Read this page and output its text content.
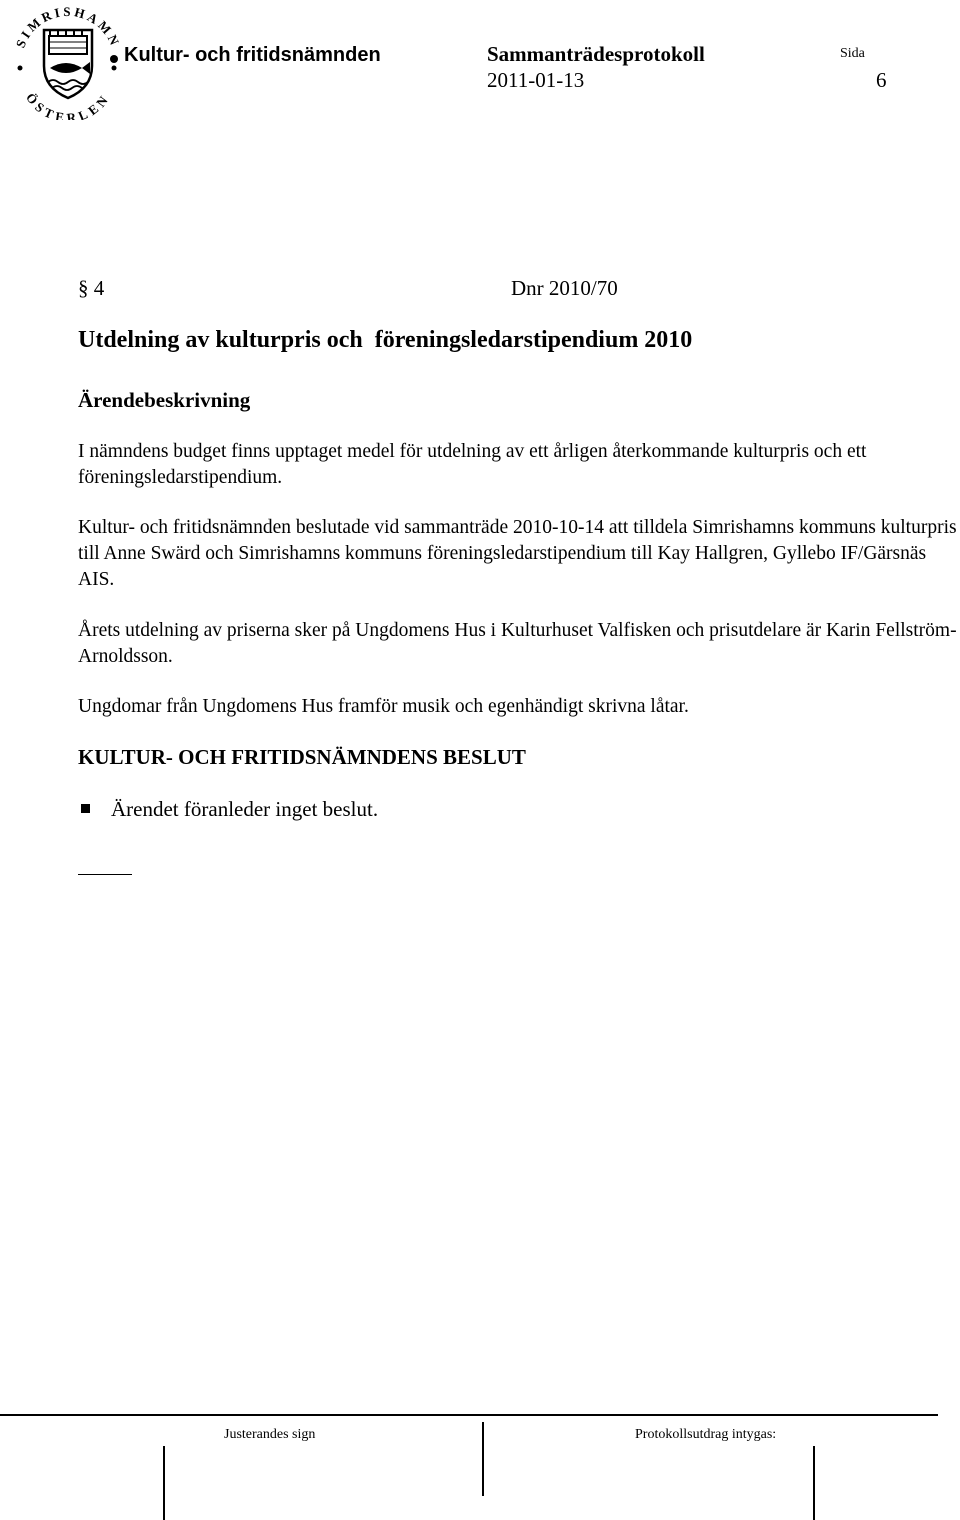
SIMRISHAMN
ÖSTERLEN
Kultur- och fritidsnämnden	Sammanträdesprotokoll
2011-01-13
Sida
6
§ 4	Dnr 2010/70
Utdelning av kulturpris och  föreningsledarstipendium 2010
Ärendebeskrivning
I nämndens budget finns upptaget medel för utdelning av ett årligen återkommande kulturpris och ett föreningsledarstipendium.
Kultur- och fritidsnämnden beslutade vid sammanträde 2010-10-14 att tilldela Simrishamns kommuns kulturpris till Anne Swärd och Simrishamns kommuns föreningsledarstipendium till Kay Hallgren, Gyllebo IF/Gärsnäs AIS.
Årets utdelning av priserna sker på Ungdomens Hus i Kulturhuset Valfisken och prisutdelare är Karin Fellström-Arnoldsson.
Ungdomar från Ungdomens Hus framför musik och egenhändigt skrivna låtar.
KULTUR- OCH FRITIDSNÄMNDENS BESLUT
Ärendet föranleder inget beslut.
Justerandes sign	Protokollsutdrag intygas:
